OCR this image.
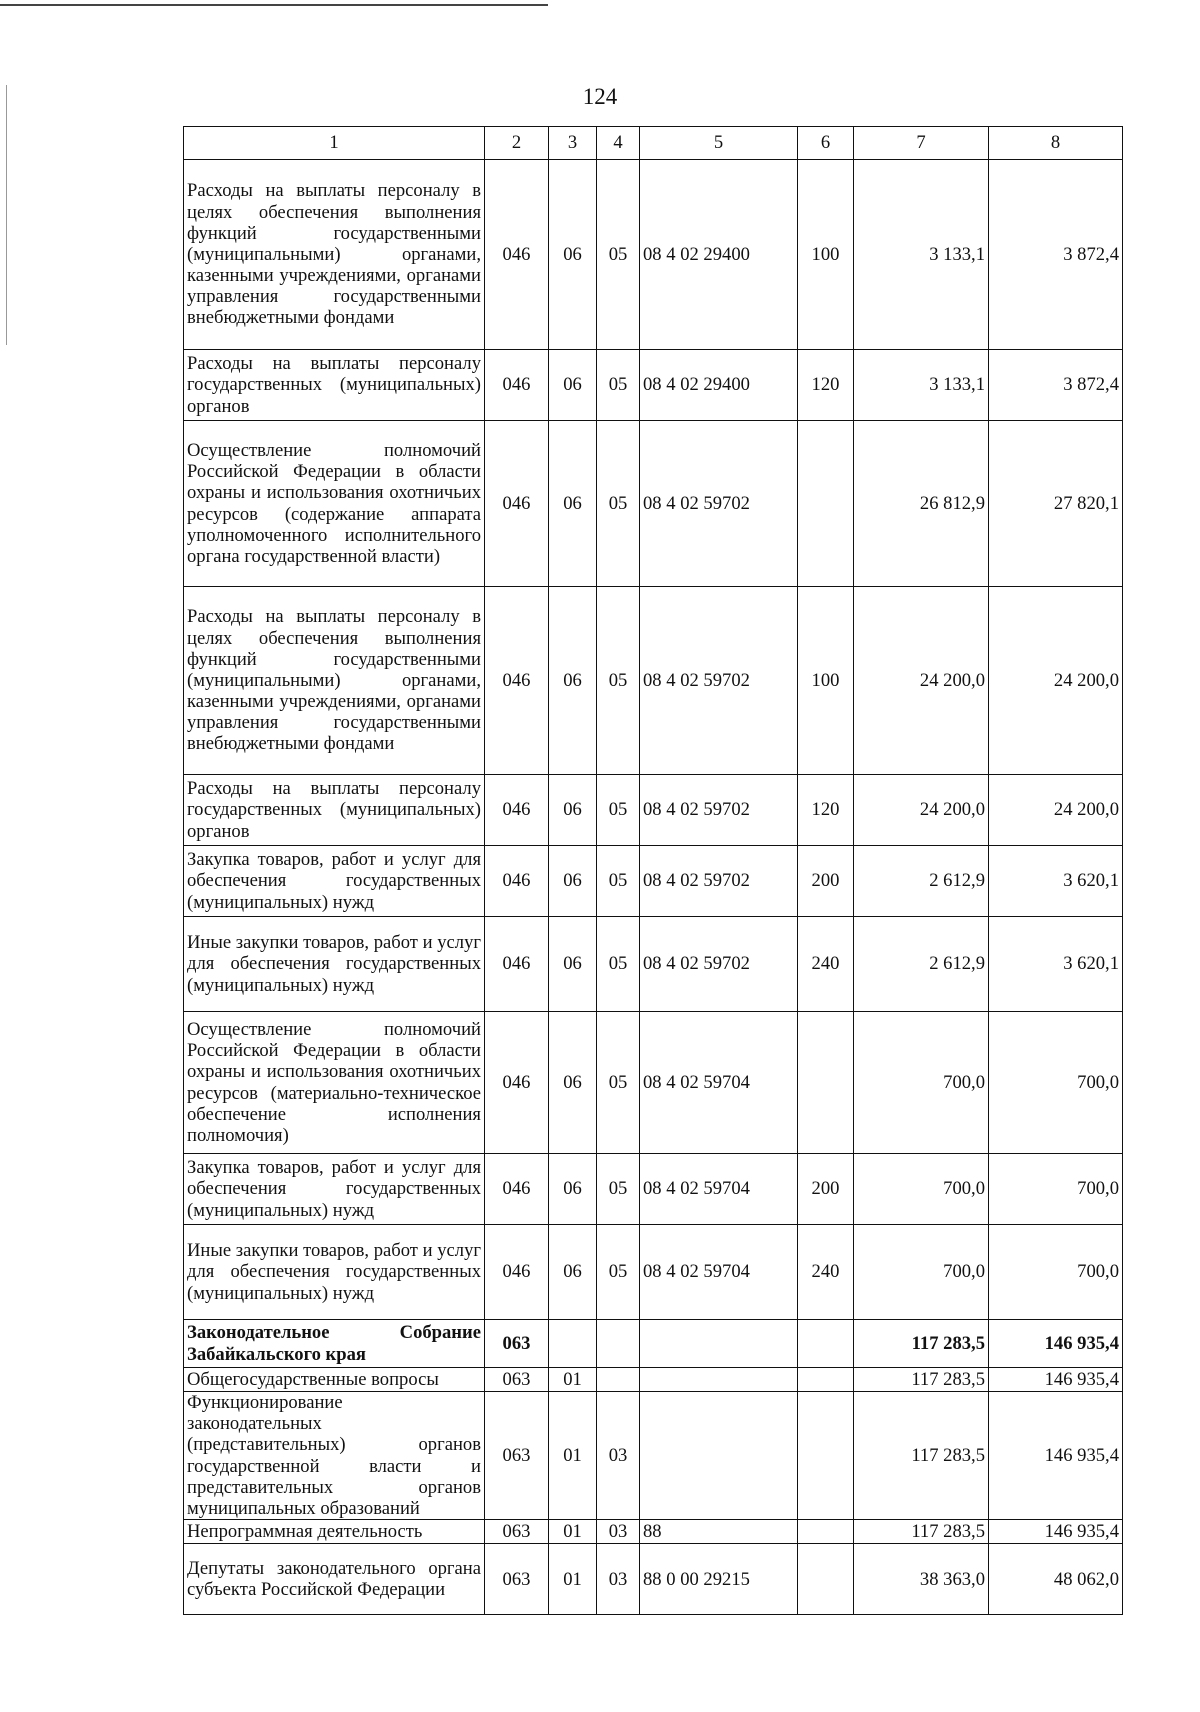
124
1	2	3	4	5	6	7	8
Расходы на выплаты персоналу в целях обеспечения выполнения функций государственными (муниципальными) органами, казенными учреждениями, органами управления государственными внебюджетными фондами	046	06	05	08 4 02 29400	100	3 133,1	3 872,4
Расходы на выплаты персоналу государственных (муниципальных) органов	046	06	05	08 4 02 29400	120	3 133,1	3 872,4
Осуществление полномочий Российской Федерации в области охраны и использования охотничьих ресурсов (содержание аппарата уполномоченного исполнительного органа государственной власти)	046	06	05	08 4 02 59702		26 812,9	27 820,1
Расходы на выплаты персоналу в целях обеспечения выполнения функций государственными (муниципальными) органами, казенными учреждениями, органами управления государственными внебюджетными фондами	046	06	05	08 4 02 59702	100	24 200,0	24 200,0
Расходы на выплаты персоналу государственных (муниципальных) органов	046	06	05	08 4 02 59702	120	24 200,0	24 200,0
Закупка товаров, работ и услуг для обеспечения государственных (муниципальных) нужд	046	06	05	08 4 02 59702	200	2 612,9	3 620,1
Иные закупки товаров, работ и услуг для обеспечения государственных (муниципальных) нужд	046	06	05	08 4 02 59702	240	2 612,9	3 620,1
Осуществление полномочий Российской Федерации в области охраны и использования охотничьих ресурсов (материально-техническое обеспечение исполнения полномочия)	046	06	05	08 4 02 59704		700,0	700,0
Закупка товаров, работ и услуг для обеспечения государственных (муниципальных) нужд	046	06	05	08 4 02 59704	200	700,0	700,0
Иные закупки товаров, работ и услуг для обеспечения государственных (муниципальных) нужд	046	06	05	08 4 02 59704	240	700,0	700,0
Законодательное Собрание Забайкальского края	063					117 283,5	146 935,4
Общегосударственные вопросы	063	01				117 283,5	146 935,4
Функционирование законодательных (представительных) органов государственной власти и представительных органов муниципальных образований	063	01	03			117 283,5	146 935,4
Непрограммная деятельность	063	01	03	88		117 283,5	146 935,4
Депутаты законодательного органа субъекта Российской Федерации	063	01	03	88 0 00 29215		38 363,0	48 062,0
